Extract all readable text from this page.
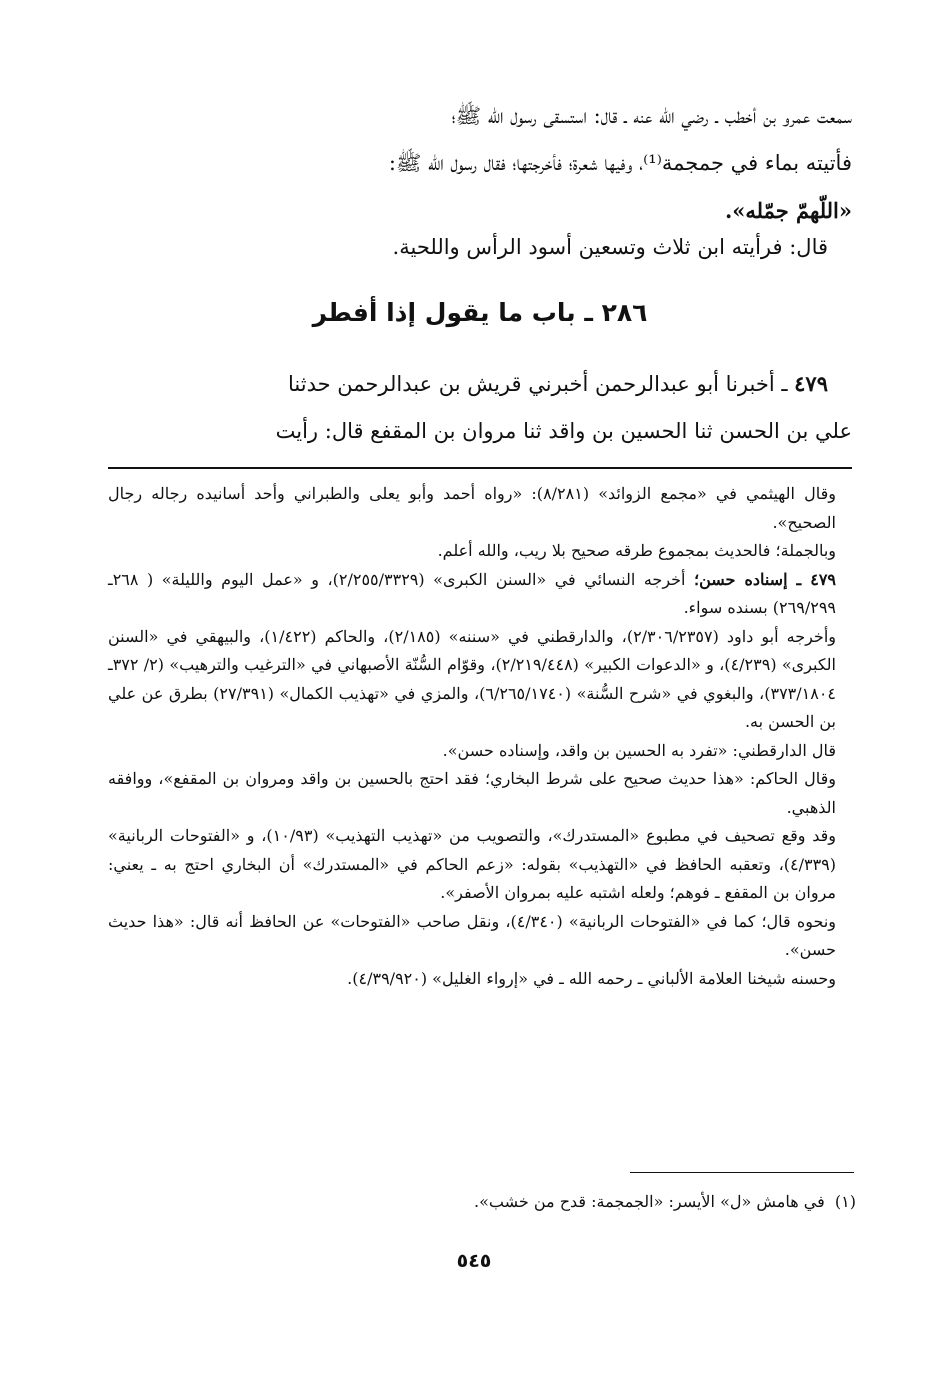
سمعت عمرو بن أخطب ـ رضي الله عنه ـ قال: استسقى رسول الله ﷺ؛

فأتيته بماء في جمجمة⁽¹⁾، وفيها شعرة؛ فأخرجتها؛ فقال رسول الله ﷺ:

«اللّهمّ جمّله».

قال: فرأيته ابن ثلاث وتسعين أسود الرأس واللحية.

٢٨٦ ـ باب ما يقول إذا أفطر

٤٧٩ ـ أخبرنا أبو عبدالرحمن أخبرني قريش بن عبدالرحمن حدثنا

علي بن الحسن ثنا الحسين بن واقد ثنا مروان بن المقفع قال: رأيت

وقال الهيثمي في «مجمع الزوائد» (٨/٢٨١): «رواه أحمد وأبو يعلى والطبراني وأحد أسانيده رجاله رجال الصحيح».

وبالجملة؛ فالحديث بمجموع طرقه صحيح بلا ريب، والله أعلم.

٤٧٩ ـ إسناده حسن؛ أخرجه النسائي في «السنن الكبرى» (٢/٢٥٥/٣٣٢٩)، و «عمل اليوم والليلة» ( ٢٦٨ـ ٢٦٩/٢٩٩) بسنده سواء.

وأخرجه أبو داود (٢/٣٠٦/٢٣٥٧)، والدارقطني في «سننه» (٢/١٨٥)، والحاكم (١/٤٢٢)، والبيهقي في «السنن الكبرى» (٤/٢٣٩)، و «الدعوات الكبير» (٢/٢١٩/٤٤٨)، وقوّام السُّنّة الأصبهاني في «الترغيب والترهيب» (٢/ ٣٧٢ـ ٣٧٣/١٨٠٤)، والبغوي في «شرح السُّنة» (٦/٢٦٥/١٧٤٠)، والمزي في «تهذيب الكمال» (٢٧/٣٩١) بطرق عن علي بن الحسن به.

قال الدارقطني: «تفرد به الحسين بن واقد، وإسناده حسن».

وقال الحاكم: «هذا حديث صحيح على شرط البخاري؛ فقد احتج بالحسين بن واقد ومروان بن المقفع»، ووافقه الذهبي.

وقد وقع تصحيف في مطبوع «المستدرك»، والتصويب من «تهذيب التهذيب» (١٠/٩٣)، و «الفتوحات الربانية» (٤/٣٣٩)، وتعقبه الحافظ في «التهذيب» بقوله: «زعم الحاكم في «المستدرك» أن البخاري احتج به ـ يعني: مروان بن المقفع ـ فوهم؛ ولعله اشتبه عليه بمروان الأصفر».

ونحوه قال؛ كما في «الفتوحات الربانية» (٤/٣٤٠)، ونقل صاحب «الفتوحات» عن الحافظ أنه قال: «هذا حديث حسن».

وحسنه شيخنا العلامة الألباني ـ رحمه الله ـ في «إرواء الغليل» (٤/٣٩/٩٢٠).

(١)  في هامش «ل» الأيسر: «الجمجمة: قدح من خشب».

٥٤٥
